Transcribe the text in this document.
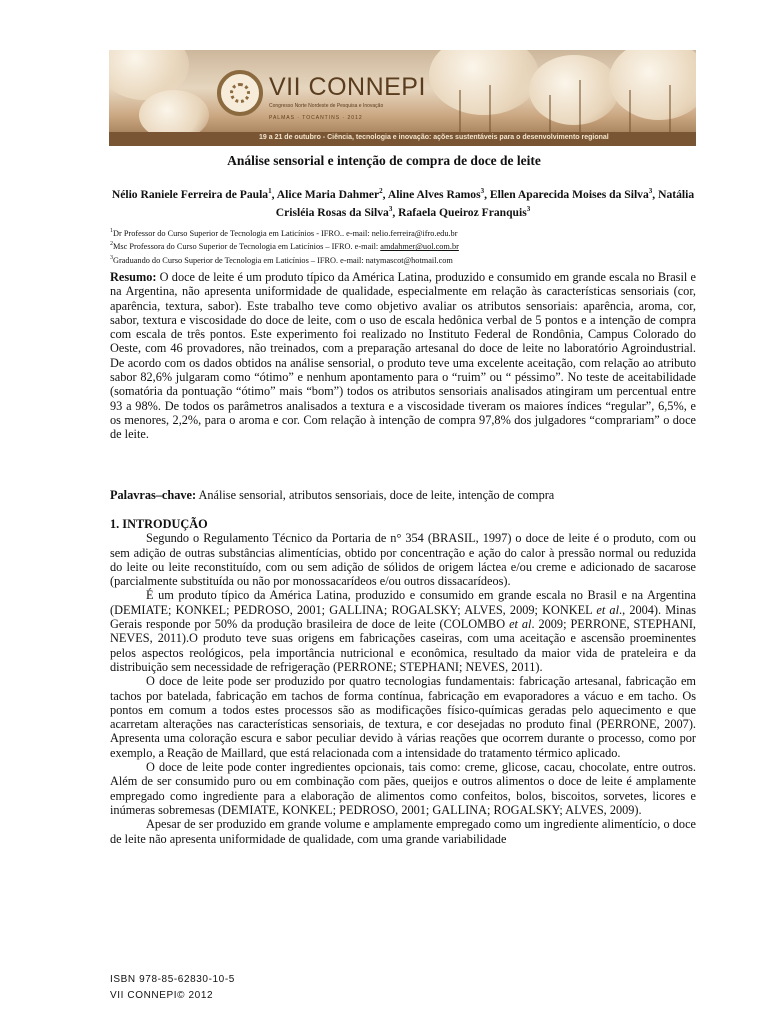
VII CONNEPI
Congresso Norte Nordeste de Pesquisa e Inovação
PALMAS · TOCANTINS · 2012
19 a 21 de outubro - Ciência, tecnologia e inovação: ações sustentáveis para o desenvolvimento regional
Análise sensorial e intenção de compra de doce de leite
Nélio Raniele Ferreira de Paula$^1$, Alice Maria Dahmer$^2$, Aline Alves Ramos$^3$, Ellen Aparecida Moises da Silva$^3$, Natália Crisléia Rosas da Silva$^3$, Rafaela Queiroz Franquis$^3$
$^1$Dr Professor do Curso Superior de Tecnologia em Laticínios - IFRO.. e-mail: nelio.ferreira@ifro.edu.br
$^2$Msc Professora do Curso Superior de Tecnologia em Laticínios – IFRO. e-mail: amdahmer@uol.com.br
$^3$Graduando do Curso Superior de Tecnologia em Laticínios – IFRO. e-mail: natymascot@hotmail.com

Resumo: O doce de leite é um produto típico da América Latina, produzido e consumido em grande escala no Brasil e na Argentina, não apresenta uniformidade de qualidade, especialmente em relação às características sensoriais (cor, aparência, textura, sabor). Este trabalho teve como objetivo avaliar os atributos sensoriais: aparência, aroma, cor, sabor, textura e viscosidade do doce de leite, com o uso de escala hedônica verbal de 5 pontos e a intenção de compra com escala de três pontos. Este experimento foi realizado no Instituto Federal de Rondônia, Campus Colorado do Oeste, com 46 provadores, não treinados, com a preparação artesanal do doce de leite no laboratório Agroindustrial. De acordo com os dados obtidos na análise sensorial, o produto teve uma excelente aceitação, com relação ao atributo sabor 82,6% julgaram como “ótimo” e nenhum apontamento para o “ruim” ou “ péssimo”. No teste de aceitabilidade (somatória da pontuação “ótimo” mais “bom”) todos os atributos sensoriais analisados atingiram um percentual entre 93 a 98%. De todos os parâmetros analisados a textura e a viscosidade tiveram os maiores índices “regular”, 6,5%, e os menores, 2,2%, para o aroma e cor. Com relação à intenção de compra 97,8% dos julgadores “comprariam” o doce de leite.

Palavras–chave: Análise sensorial, atributos sensoriais, doce de leite, intenção de compra

1. INTRODUÇÃO

Segundo o Regulamento Técnico da Portaria de n° 354 (BRASIL, 1997) o doce de leite é o produto, com ou sem adição de outras substâncias alimentícias, obtido por concentração e ação do calor à pressão normal ou reduzida do leite ou leite reconstituído, com ou sem adição de sólidos de origem láctea e/ou creme e adicionado de sacarose (parcialmente substituída ou não por monossacarídeos e/ou outros dissacarídeos).

É um produto típico da América Latina, produzido e consumido em grande escala no Brasil e na Argentina (DEMIATE; KONKEL; PEDROSO, 2001; GALLINA; ROGALSKY; ALVES, 2009; KONKEL et al., 2004). Minas Gerais responde por 50% da produção brasileira de doce de leite (COLOMBO et al. 2009; PERRONE, STEPHANI, NEVES, 2011).O produto teve suas origens em fabricações caseiras, com uma aceitação e ascensão proeminentes pelos aspectos reológicos, pela importância nutricional e econômica, resultado da maior vida de prateleira e da distribuição sem necessidade de refrigeração (PERRONE; STEPHANI; NEVES, 2011).

O doce de leite pode ser produzido por quatro tecnologias fundamentais: fabricação artesanal, fabricação em tachos por batelada, fabricação em tachos de forma contínua, fabricação em evaporadores a vácuo e em tacho. Os pontos em comum a todos estes processos são as modificações físico-químicas geradas pelo aquecimento e que acarretam alterações nas características sensoriais, de textura, e cor desejadas no produto final (PERRONE, 2007). Apresenta uma coloração escura e sabor peculiar devido à várias reações que ocorrem durante o processo, como por exemplo, a Reação de Maillard, que está relacionada com a intensidade do tratamento térmico aplicado.

O doce de leite pode conter ingredientes opcionais, tais como: creme, glicose, cacau, chocolate, entre outros. Além de ser consumido puro ou em combinação com pães, queijos e outros alimentos o doce de leite é amplamente empregado como ingrediente para a elaboração de alimentos como confeitos, bolos, biscoitos, sorvetes, licores e inúmeras sobremesas (DEMIATE, KONKEL; PEDROSO, 2001; GALLINA; ROGALSKY; ALVES, 2009).

Apesar de ser produzido em grande volume e amplamente empregado como um ingrediente alimentício, o doce de leite não apresenta uniformidade de qualidade, com uma grande variabilidade

ISBN 978-85-62830-10-5
VII CONNEPI© 2012
